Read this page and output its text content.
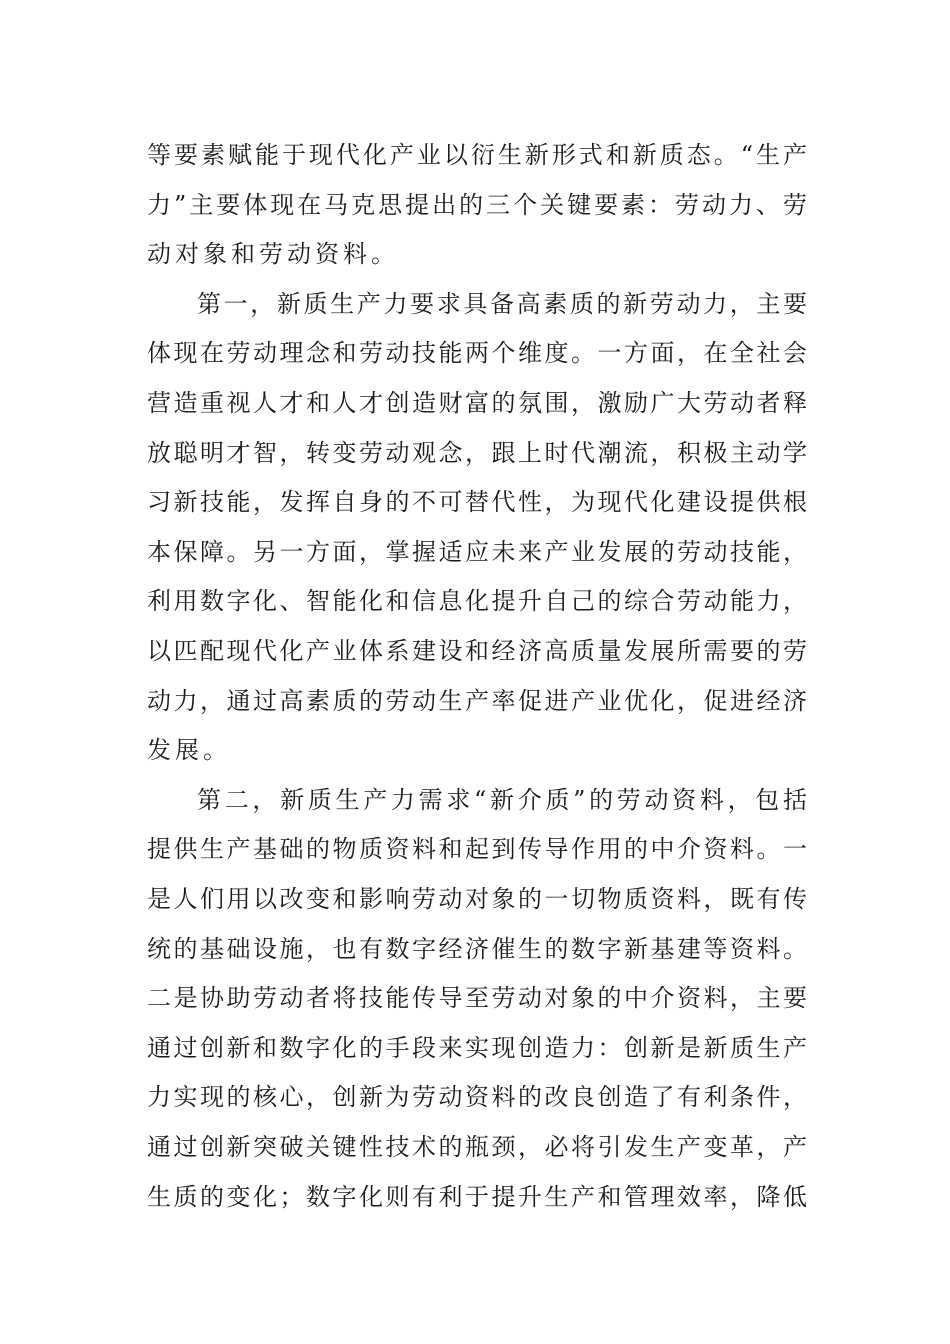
等要素赋能于现代化产业以衍生新形式和新质态。“生产
力”主要体现在马克思提出的三个关键要素：劳动力、劳
动对象和劳动资料。
第一，新质生产力要求具备高素质的新劳动力，主要
体现在劳动理念和劳动技能两个维度。一方面，在全社会
营造重视人才和人才创造财富的氛围，激励广大劳动者释
放聪明才智，转变劳动观念，跟上时代潮流，积极主动学
习新技能，发挥自身的不可替代性，为现代化建设提供根
本保障。另一方面，掌握适应未来产业发展的劳动技能，
利用数字化、智能化和信息化提升自己的综合劳动能力，
以匹配现代化产业体系建设和经济高质量发展所需要的劳
动力，通过高素质的劳动生产率促进产业优化，促进经济
发展。
第二，新质生产力需求“新介质”的劳动资料，包括
提供生产基础的物质资料和起到传导作用的中介资料。一
是人们用以改变和影响劳动对象的一切物质资料，既有传
统的基础设施，也有数字经济催生的数字新基建等资料。
二是协助劳动者将技能传导至劳动对象的中介资料，主要
通过创新和数字化的手段来实现创造力：创新是新质生产
力实现的核心，创新为劳动资料的改良创造了有利条件，
通过创新突破关键性技术的瓶颈，必将引发生产变革，产
生质的变化；数字化则有利于提升生产和管理效率，降低
